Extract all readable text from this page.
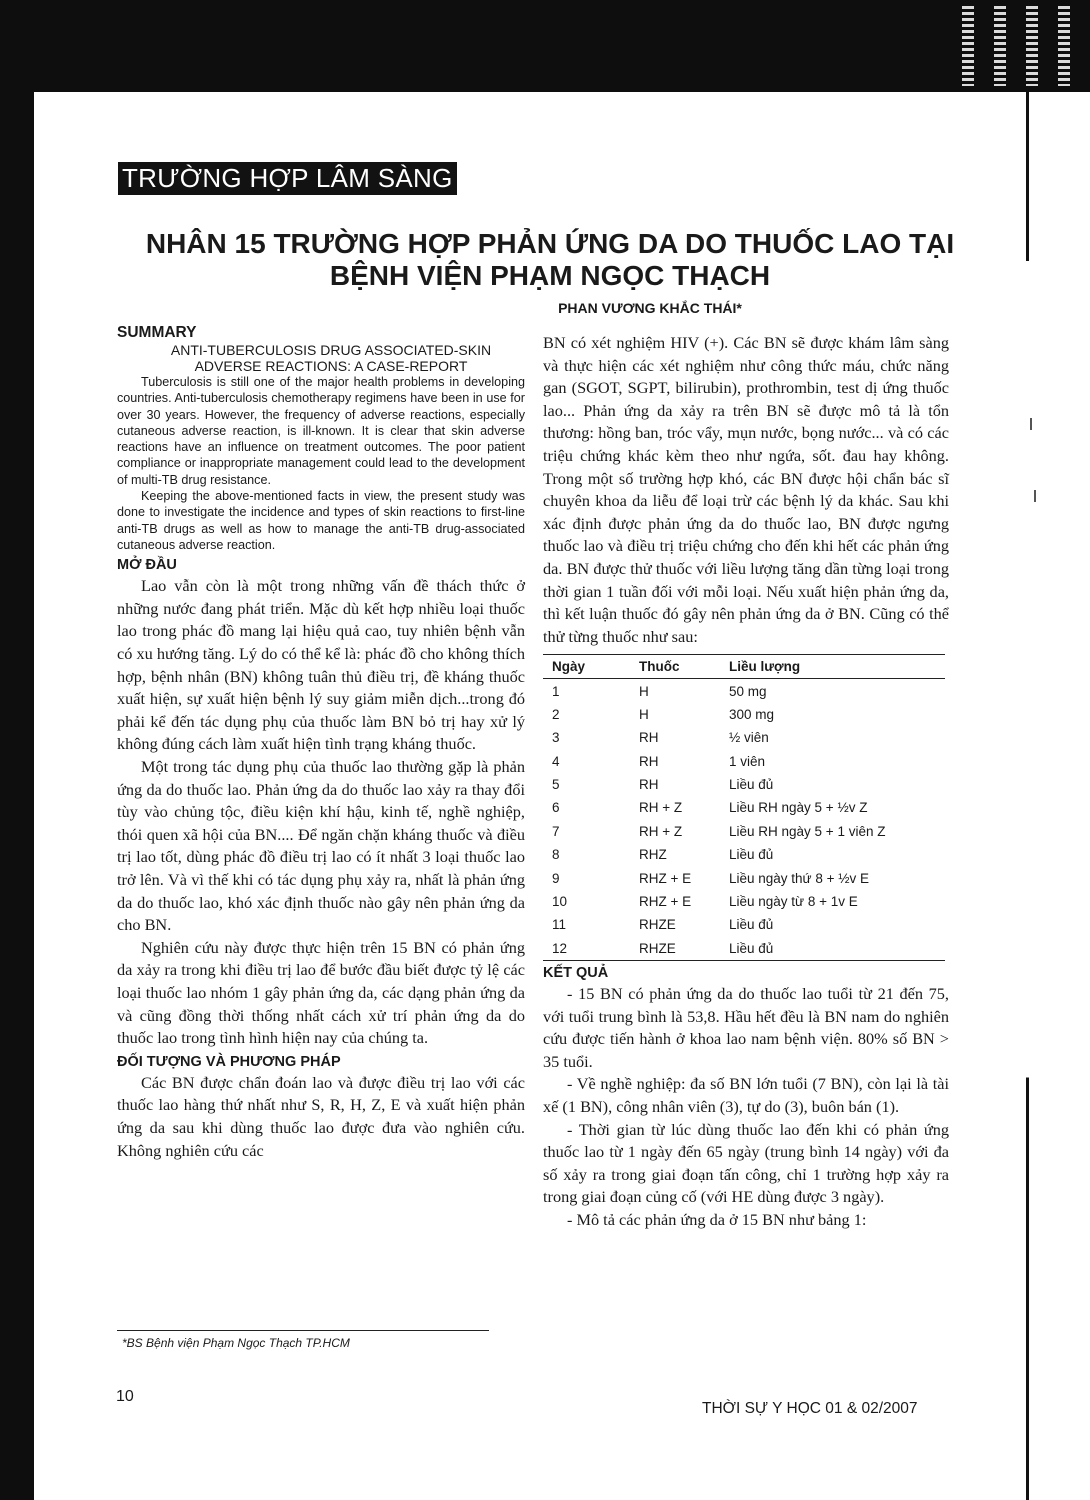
TRƯỜNG HỢP LÂM SÀNG
NHÂN 15 TRƯỜNG HỢP PHẢN ỨNG DA DO THUỐC LAO TẠI
BỆNH VIỆN PHẠM NGỌC THẠCH
PHAN VƯƠNG KHẮC THÁI*
SUMMARY
ANTI-TUBERCULOSIS DRUG ASSOCIATED-SKIN
ADVERSE REACTIONS: A CASE-REPORT

Tuberculosis is still one of the major health problems in developing countries. Anti-tuberculosis chemotherapy regimens have been in use for over 30 years. However, the frequency of adverse reactions, especially cutaneous adverse reaction, is ill-known. It is clear that skin adverse reactions have an influence on treatment outcomes. The poor patient compliance or inappropriate management could lead to the development of multi-TB drug resistance.

Keeping the above-mentioned facts in view, the present study was done to investigate the incidence and types of skin reactions to first-line anti-TB drugs as well as how to manage the anti-TB drug-associated cutaneous adverse reaction.

MỞ ĐẦU

Lao vẫn còn là một trong những vấn đề thách thức ở những nước đang phát triển. Mặc dù kết hợp nhiều loại thuốc lao trong phác đồ mang lại hiệu quả cao, tuy nhiên bệnh vẫn có xu hướng tăng. Lý do có thể kể là: phác đồ cho không thích hợp, bệnh nhân (BN) không tuân thủ điều trị, đề kháng thuốc xuất hiện, sự xuất hiện bệnh lý suy giảm miễn dịch...trong đó phải kể đến tác dụng phụ của thuốc làm BN bỏ trị hay xử lý không đúng cách làm xuất hiện tình trạng kháng thuốc.

Một trong tác dụng phụ của thuốc lao thường gặp là phản ứng da do thuốc lao. Phản ứng da do thuốc lao xảy ra thay đổi tùy vào chủng tộc, điều kiện khí hậu, kinh tế, nghề nghiệp, thói quen xã hội của BN.... Để ngăn chặn kháng thuốc và điều trị lao tốt, dùng phác đồ điều trị lao có ít nhất 3 loại thuốc lao trở lên. Và vì thế khi có tác dụng phụ xảy ra, nhất là phản ứng da do thuốc lao, khó xác định thuốc nào gây nên phản ứng da cho BN.

Nghiên cứu này được thực hiện trên 15 BN có phản ứng da xảy ra trong khi điều trị lao để bước đầu biết được tỷ lệ các loại thuốc lao nhóm 1 gây phản ứng da, các dạng phản ứng da và cũng đồng thời thống nhất cách xử trí phản ứng da do thuốc lao trong tình hình hiện nay của chúng ta.

ĐỐI TƯỢNG VÀ PHƯƠNG PHÁP

Các BN được chẩn đoán lao và được điều trị lao với các thuốc lao hàng thứ nhất như S, R, H, Z, E và xuất hiện phản ứng da sau khi dùng thuốc lao được đưa vào nghiên cứu. Không nghiên cứu các

BN có xét nghiệm HIV (+). Các BN sẽ được khám lâm sàng và thực hiện các xét nghiệm như công thức máu, chức năng gan (SGOT, SGPT, bilirubin), prothrombin, test dị ứng thuốc lao... Phản ứng da xảy ra trên BN sẽ được mô tả là tổn thương: hồng ban, tróc vẩy, mụn nước, bọng nước... và có các triệu chứng khác kèm theo như ngứa, sốt. đau hay không. Trong một số trường hợp khó, các BN được hội chẩn bác sĩ chuyên khoa da liễu để loại trừ các bệnh lý da khác. Sau khi xác định được phản ứng da do thuốc lao, BN được ngưng thuốc lao và điều trị triệu chứng cho đến khi hết các phản ứng da. BN được thử thuốc với liều lượng tăng dần từng loại trong thời gian 1 tuần đối với mỗi loại. Nếu xuất hiện phản ứng da, thì kết luận thuốc đó gây nên phản ứng da ở BN. Cũng có thể thử từng thuốc như sau:

Ngày	Thuốc	Liều lượng
1	H	50 mg
2	H	300 mg
3	RH	½ viên
4	RH	1 viên
5	RH	Liều đủ
6	RH + Z	Liều RH ngày 5 + ½v Z
7	RH + Z	Liều RH ngày 5 + 1 viên Z
8	RHZ	Liều đủ
9	RHZ + E	Liều ngày thứ 8 + ½v E
10	RHZ + E	Liều ngày từ 8 + 1v E
11	RHZE	Liều đủ
12	RHZE	Liều đủ
KẾT QUẢ

- 15 BN có phản ứng da do thuốc lao tuổi từ 21 đến 75, với tuổi trung bình là 53,8. Hầu hết đều là BN nam do nghiên cứu được tiến hành ở khoa lao nam bệnh viện. 80% số BN > 35 tuổi.

- Về nghề nghiệp: đa số BN lớn tuổi (7 BN), còn lại là tài xế (1 BN), công nhân viên (3), tự do (3), buôn bán (1).

- Thời gian từ lúc dùng thuốc lao đến khi có phản ứng thuốc lao từ 1 ngày đến 65 ngày (trung bình 14 ngày) với đa số xảy ra trong giai đoạn tấn công, chỉ 1 trường hợp xảy ra trong giai đoạn củng cố (với HE dùng được 3 ngày).

- Mô tả các phản ứng da ở 15 BN như bảng 1:

*BS Bệnh viện Phạm Ngọc Thạch TP.HCM
10
THỜI SỰ Y HỌC 01 & 02/2007
